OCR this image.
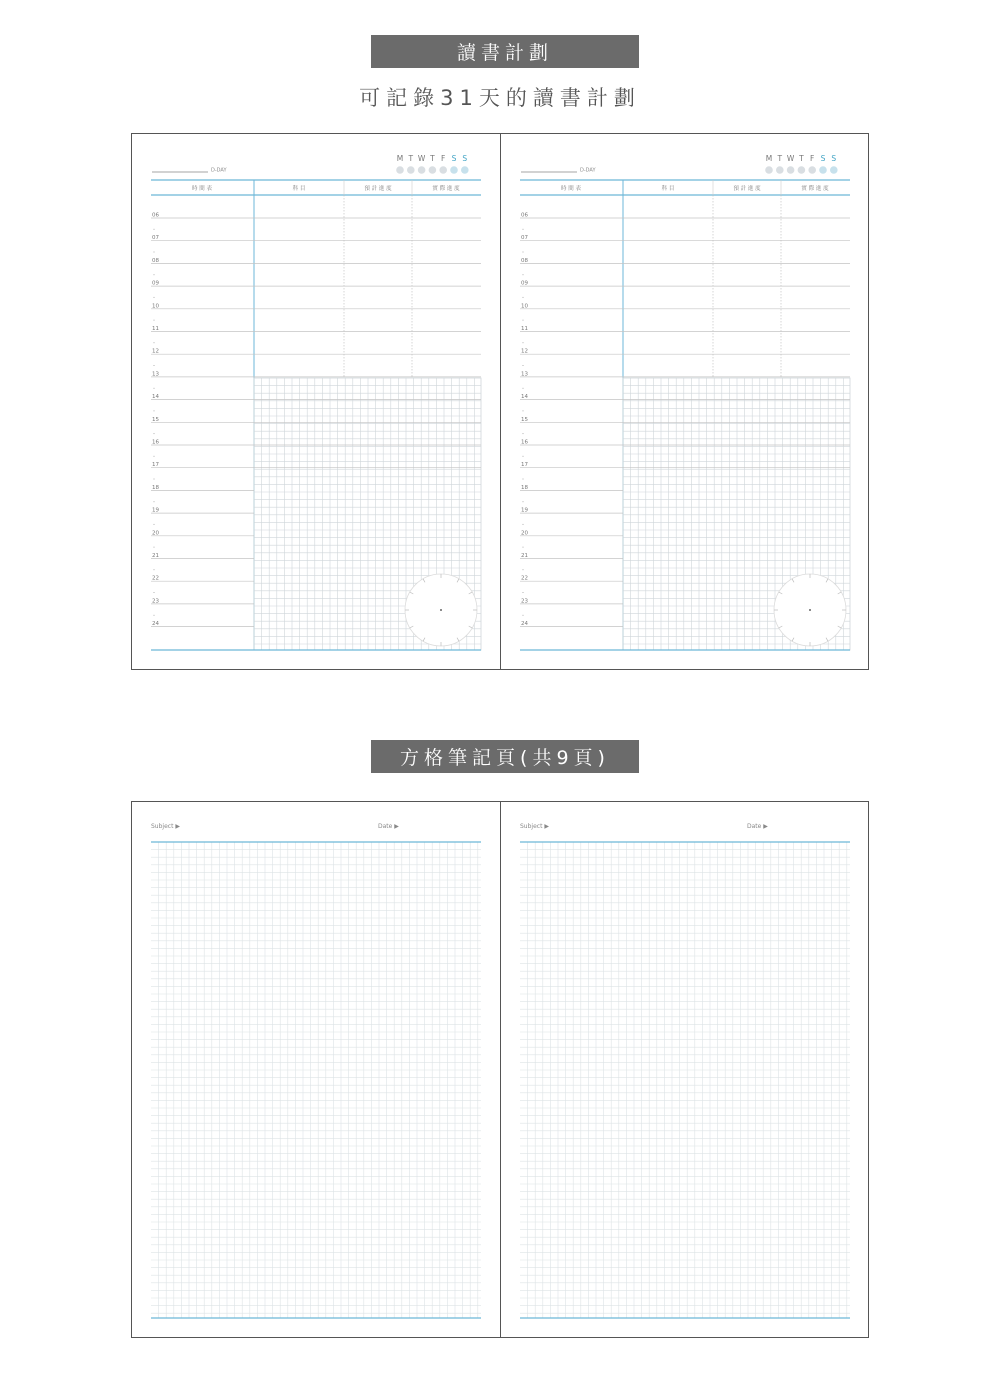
讀書計劃
可記錄31天的讀書計劃
D-DAY
M T W T F S S
時 間 表	科 目	預 計 進 度	實 際 進 度
06
07
08
09
10
11
12
13
14
15
16
17
18
19
20
21
22
23
24
D-DAY
M T W T F S S
時 間 表	科 目	預 計 進 度	實 際 進 度
06
07
08
09
10
11
12
13
14
15
16
17
18
19
20
21
22
23
24
方格筆記頁(共9頁)
Subject ▶	Date ▶	Subject ▶	Date ▶
